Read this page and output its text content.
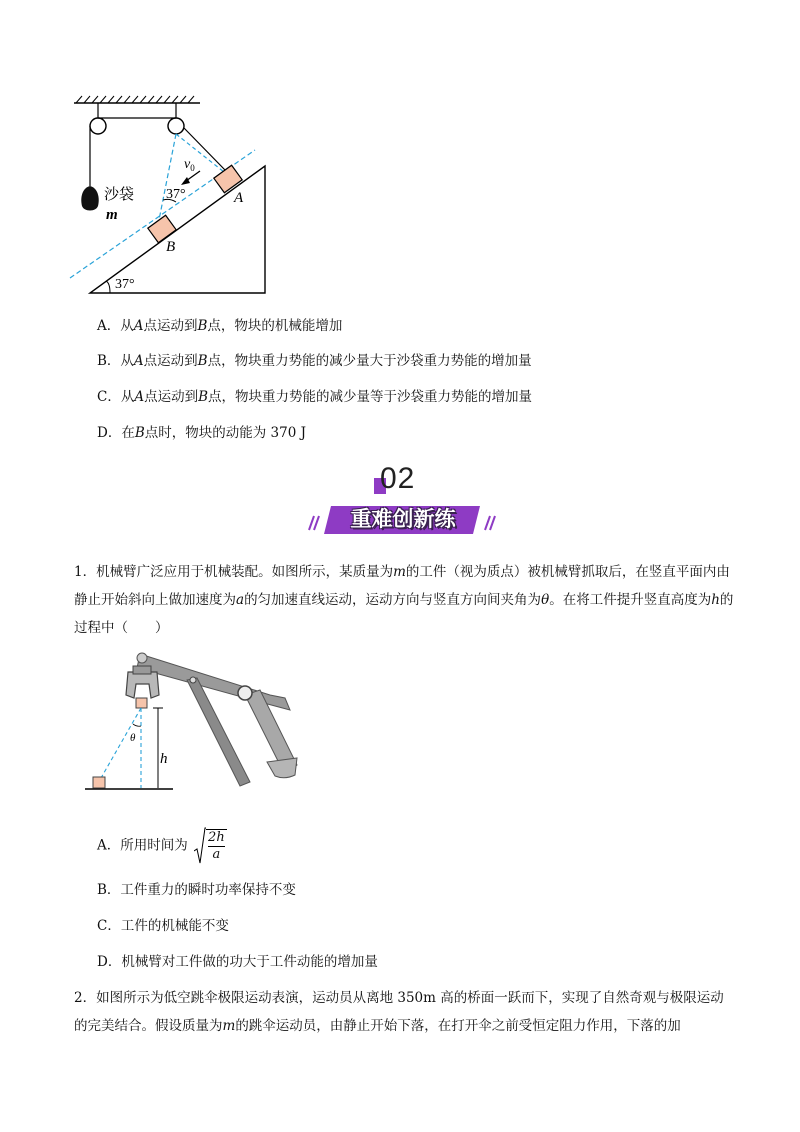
沙袋
m
$v_0$
37°	A
B
37°
A．从A点运动到B点，物块的机械能增加
B．从A点运动到B点，物块重力势能的减少量大于沙袋重力势能的增加量
C．从A点运动到B点，物块重力势能的减少量等于沙袋重力势能的增加量
D．在B点时，物块的动能为 370 J
02
重难创新练
1．机械臂广泛应用于机械装配。如图所示，某质量为m的工件（视为质点）被机械臂抓取后，在竖直平面内由静止开始斜向上做加速度为a的匀加速直线运动，运动方向与竖直方向间夹角为θ。在将工件提升竖直高度为h的过程中（　　）
θ
h
A．所用时间为 $\frac{2h}{a}$
B．工件重力的瞬时功率保持不变
C．工件的机械能不变
D．机械臂对工件做的功大于工件动能的增加量
2．如图所示为低空跳伞极限运动表演，运动员从离地 350m 高的桥面一跃而下，实现了自然奇观与极限运动的完美结合。假设质量为m的跳伞运动员，由静止开始下落，在打开伞之前受恒定阻力作用，下落的加
